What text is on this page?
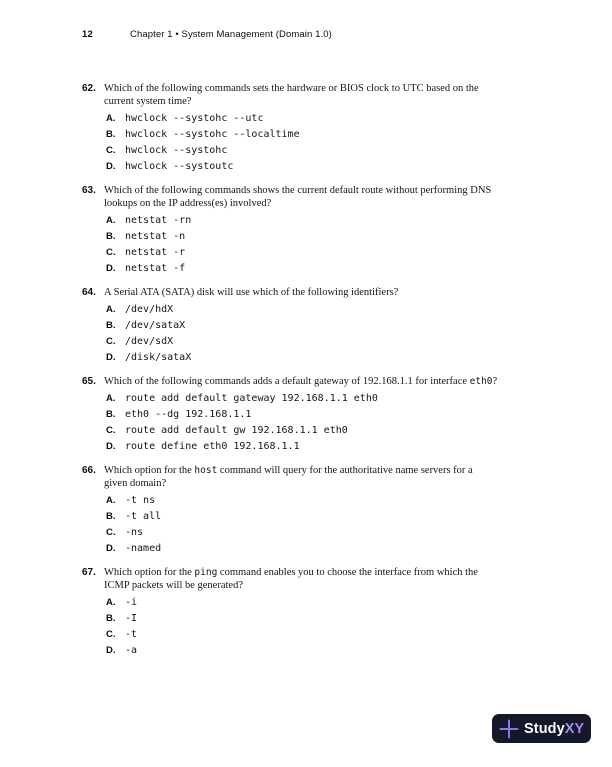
12	Chapter 1 • System Management (Domain 1.0)
62. Which of the following commands sets the hardware or BIOS clock to UTC based on the
current system time?
A. hwclock --systohc --utc
B. hwclock --systohc --localtime
C. hwclock --systohc
D. hwclock --systoutc
63. Which of the following commands shows the current default route without performing DNS
lookups on the IP address(es) involved?
A. netstat -rn
B. netstat -n
C. netstat -r
D. netstat -f
64. A Serial ATA (SATA) disk will use which of the following identifiers?
A. /dev/hdX
B. /dev/sataX
C. /dev/sdX
D. /disk/sataX
65. Which of the following commands adds a default gateway of 192.168.1.1 for interface eth0?
A. route add default gateway 192.168.1.1 eth0
B. eth0 --dg 192.168.1.1
C. route add default gw 192.168.1.1 eth0
D. route define eth0 192.168.1.1
66. Which option for the host command will query for the authoritative name servers for a
given domain?
A. -t ns
B. -t all
C. -ns
D. -named
67. Which option for the ping command enables you to choose the interface from which the
ICMP packets will be generated?
A. -i
B. -I
C. -t
D. -a
StudyXY
